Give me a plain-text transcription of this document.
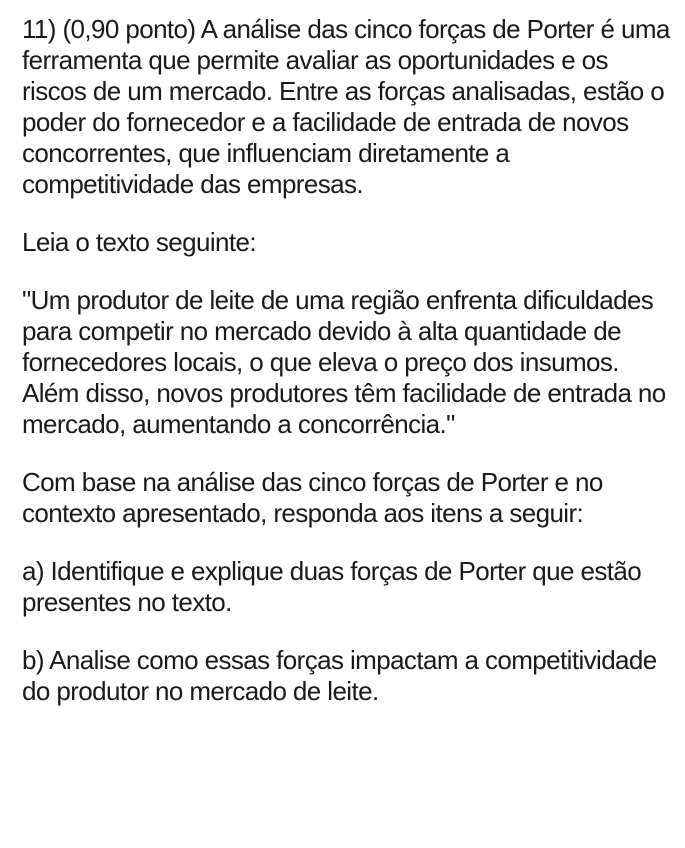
11) (0,90 ponto) A análise das cinco forças de Porter é uma ferramenta que permite avaliar as oportunidades e os riscos de um mercado. Entre as forças analisadas, estão o poder do fornecedor e a facilidade de entrada de novos concorrentes, que influenciam diretamente a competitividade das empresas.

Leia o texto seguinte:

"Um produtor de leite de uma região enfrenta dificuldades para competir no mercado devido à alta quantidade de fornecedores locais, o que eleva o preço dos insumos. Além disso, novos produtores têm facilidade de entrada no mercado, aumentando a concorrência."

Com base na análise das cinco forças de Porter e no contexto apresentado, responda aos itens a seguir:

a) Identifique e explique duas forças de Porter que estão presentes no texto.

b) Analise como essas forças impactam a competitividade do produtor no mercado de leite.
